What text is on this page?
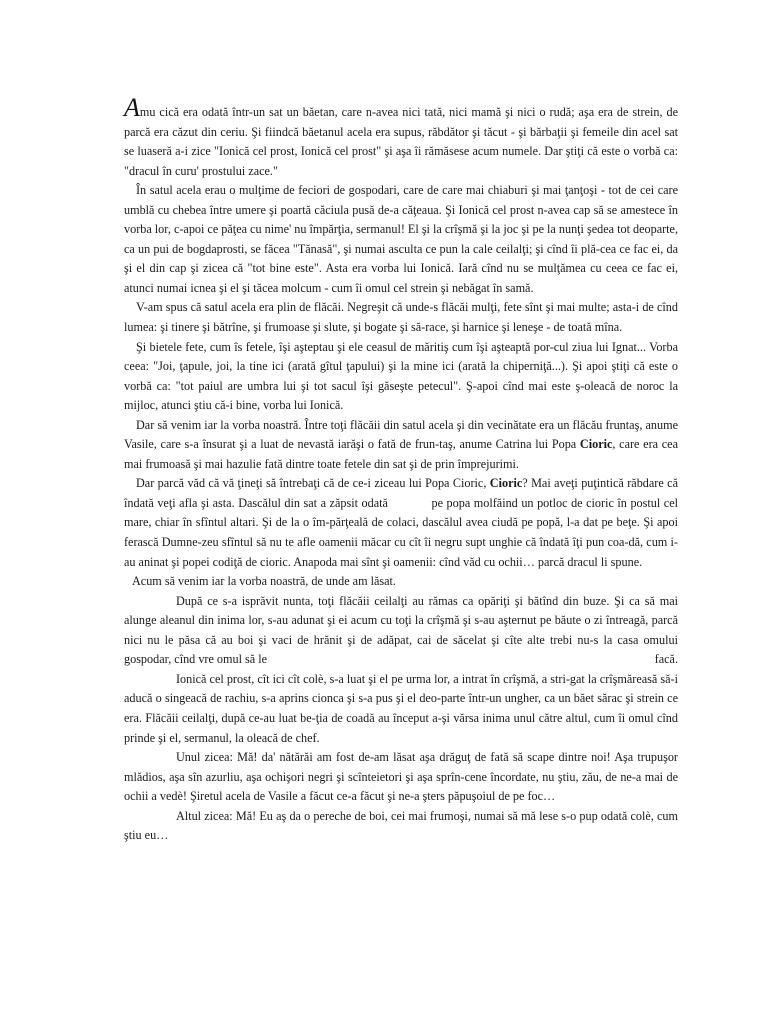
Amu cică era odată într-un sat un băetan, care n-avea nici tată, nici mamă şi nici o rudă; aşa era de strein, de parcă era căzut din ceriu. Şi fiindcă băetanul acela era supus, răbdător şi tăcut - şi bărbaţii şi femeile din acel sat se luaseră a-i zice "Ionică cel prost, Ionică cel prost" şi aşa îi rămăsese acum numele. Dar ştiţi că este o vorbă ca: "dracul în curu' prostului zace."

În satul acela erau o mulţime de feciori de gospodari, care de care mai chiaburi şi mai ţanţoşi - tot de cei care umblă cu chebea între umere şi poartă căciula pusă de-a căţeaua. Şi Ionică cel prost n-avea cap să se amestece în vorba lor, c-apoi ce păţea cu nime' nu împărţia, sermanul! El şi la crîşmă şi la joc şi pe la nunţi şedea tot deoparte, ca un pui de bogdaprosti, se făcea "Tănasă", şi numai asculta ce pun la cale ceilalţi; şi cînd îi plă-cea ce fac ei, da şi el din cap şi zicea că "tot bine este". Asta era vorba lui Ionică. Iară cînd nu se mulţămea cu ceea ce fac ei, atunci numai icnea şi el şi tăcea molcum - cum îi omul cel strein şi nebăgat în samă.

V-am spus că satul acela era plin de flăcăi. Negreşit că unde-s flăcăi mulţi, fete sînt şi mai multe; asta-i de cînd lumea: şi tinere şi bătrîne, şi frumoase şi slute, şi bogate şi să-race, şi harnice şi leneşe - de toată mîna.

Şi bietele fete, cum îs fetele, îşi aşteptau şi ele ceasul de măritiş cum îşi aşteaptă por-cul ziua lui Ignat... Vorba ceea: "Joi, ţapule, joi, la tine ici (arată gîtul ţapului) şi la mine ici (arată la chiperniţă...). Şi apoi ştiţi că este o vorbă ca: "tot paiul are umbra lui şi tot sacul îşi găseşte petecul". Ş-apoi cînd mai este ş-oleacă de noroc la mijloc, atunci ştiu că-i bine, vorba lui Ionică.

Dar să venim iar la vorba noastră. Între toţi flăcăii din satul acela şi din vecinătate era un flăcău fruntaş, anume Vasile, care s-a însurat şi a luat de nevastă iarăşi o fată de frun-taş, anume Catrina lui Popa Cioric, care era cea mai frumoasă şi mai hazulie fată dintre toate fetele din sat şi de prin împrejurimi.

Dar parcă văd că vă ţineţi să întrebaţi că de ce-i ziceau lui Popa Cioric, Cioric? Mai aveţi puţintică răbdare că îndată veţi afla şi asta. Dascălul din sat a zăpsit odată	pe popa molfăind un potloc de cioric în postul cel mare, chiar în sfîntul altari. Şi de la o îm-părţeală de colaci, dascălul avea ciudă pe popă, l-a dat pe beţe. Şi apoi ferască Dumne-zeu sfîntul să nu te afle oamenii măcar cu cît îi negru supt unghie că îndată îţi pun coa-dă, cum i-au aninat şi popei codiţă de cioric. Anapoda mai sînt şi oamenii: cînd văd cu ochii… parcă dracul li spune.

Acum să venim iar la vorba noastră, de unde am lăsat.

După ce s-a isprăvit nunta, toţi flăcăii ceilalţi au rămas ca opăriţi şi bătînd din buze. Şi ca să mai alunge aleanul din inima lor, s-au adunat şi ei acum cu toţi la crîşmă şi s-au aşternut pe băute o zi întreagă, parcă nici nu le păsa că au boi şi vaci de hrănit şi de adăpat, cai de săcelat şi cîte alte trebi nu-s la casa omului gospodar, cînd vre omul să le	facă.

Ionică cel prost, cît ici cît colè, s-a luat şi el pe urma lor, a intrat în crîşmă, a stri-gat la crîşmăreasă să-i aducă o singeacă de rachiu, s-a aprins cionca şi s-a pus şi el deo-parte într-un ungher, ca un băet sărac şi strein ce era. Flăcăii ceilalţi, după ce-au luat be-ţia de coadă au început a-şi vărsa inima unul către altul, cum îi omul cînd prinde şi el, sermanul, la oleacă de chef.

Unul zicea: Mă! da' nătărăi am fost de-am lăsat aşa drăguţ de fată să scape dintre noi! Aşa trupuşor mlădios, aşa sîn azurliu, aşa ochişori negri şi scînteietori şi aşa sprîn-cene încordate, nu ştiu, zău, de ne-a mai de ochii a vedè! Şiretul acela de Vasile a făcut ce-a făcut şi ne-a şters păpuşoiul de pe foc…

Altul zicea: Mă! Eu aş da o pereche de boi, cei mai frumoşi, numai să mă lese s-o pup odată colè, cum ştiu eu…
